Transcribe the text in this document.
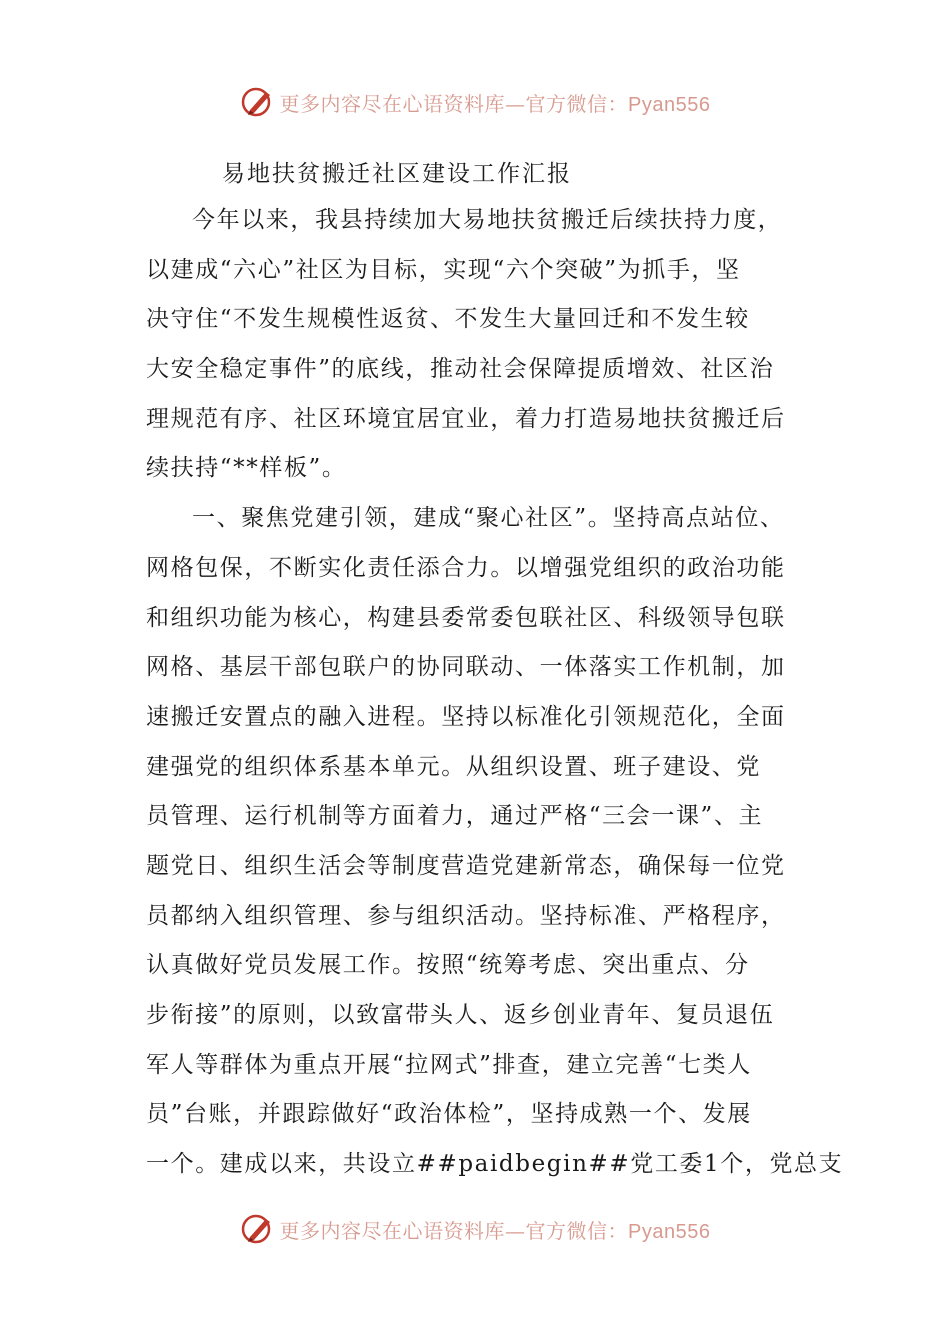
更多内容尽在心语资料库—官方微信：Pyan556
易地扶贫搬迁社区建设工作汇报
今年以来，我县持续加大易地扶贫搬迁后续扶持力度，
以建成“六心”社区为目标，实现“六个突破”为抓手，坚
决守住“不发生规模性返贫、不发生大量回迁和不发生较
大安全稳定事件”的底线，推动社会保障提质增效、社区治
理规范有序、社区环境宜居宜业，着力打造易地扶贫搬迁后
续扶持“**样板”。
一、聚焦党建引领，建成“聚心社区”。坚持高点站位、
网格包保，不断实化责任添合力。以增强党组织的政治功能
和组织功能为核心，构建县委常委包联社区、科级领导包联
网格、基层干部包联户的协同联动、一体落实工作机制，加
速搬迁安置点的融入进程。坚持以标准化引领规范化，全面
建强党的组织体系基本单元。从组织设置、班子建设、党
员管理、运行机制等方面着力，通过严格“三会一课”、主
题党日、组织生活会等制度营造党建新常态，确保每一位党
员都纳入组织管理、参与组织活动。坚持标准、严格程序，
认真做好党员发展工作。按照“统筹考虑、突出重点、分
步衔接”的原则，以致富带头人、返乡创业青年、复员退伍
军人等群体为重点开展“拉网式”排查，建立完善“七类人
员”台账，并跟踪做好“政治体检”，坚持成熟一个、发展
一个。建成以来，共设立##paidbegin##党工委1个，党总支
更多内容尽在心语资料库—官方微信：Pyan556
